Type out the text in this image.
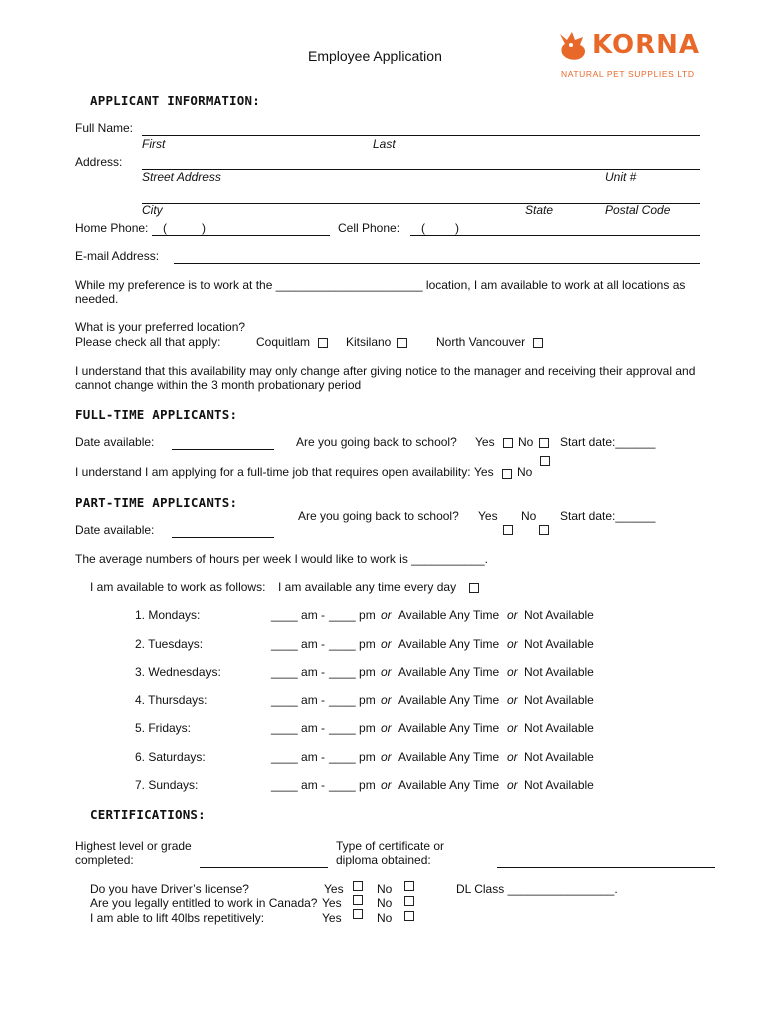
Employee Application	KORNA
NATURAL PET SUPPLIES LTD
APPLICANT INFORMATION:
Full Name:
First	Last
Address:
Street Address	Unit #
City	State	Postal Code
Home Phone: (	)	Cell Phone: (	)
E-mail Address:
While my preference is to work at the ______________________ location, I am available to work at all locations as
needed.
What is your preferred location?
Please check all that apply:	Coquitlam	Kitsilano	North Vancouver
I understand that this availability may only change after giving notice to the manager and receiving their approval and
cannot change within the 3 month probationary period
FULL-TIME APPLICANTS:
Date available:	Are you going back to school? Yes No Start date:______
I understand I am applying for a full-time job that requires open availability: Yes No
PART-TIME APPLICANTS:
Are you going back to school? Yes No Start date:______
Date available:
The average numbers of hours per week I would like to work is ___________.
I am available to work as follows: I am available any time every day
1. Mondays:	____ am - ____ pm or Available Any Time or Not Available
2. Tuesdays:	____ am - ____ pm or Available Any Time or Not Available
3. Wednesdays:	____ am - ____ pm or Available Any Time or Not Available
4. Thursdays:	____ am - ____ pm or Available Any Time or Not Available
5. Fridays:	____ am - ____ pm or Available Any Time or Not Available
6. Saturdays:	____ am - ____ pm or Available Any Time or Not Available
7. Sundays:	____ am - ____ pm or Available Any Time or Not Available
CERTIFICATIONS:
Highest level or grade
completed:
Type of certificate or
diploma obtained:
Do you have Driver’s license?	Yes	No	DL Class ________________.
Are you legally entitled to work in Canada? Yes	No
I am able to lift 40lbs repetitively:	Yes	No
